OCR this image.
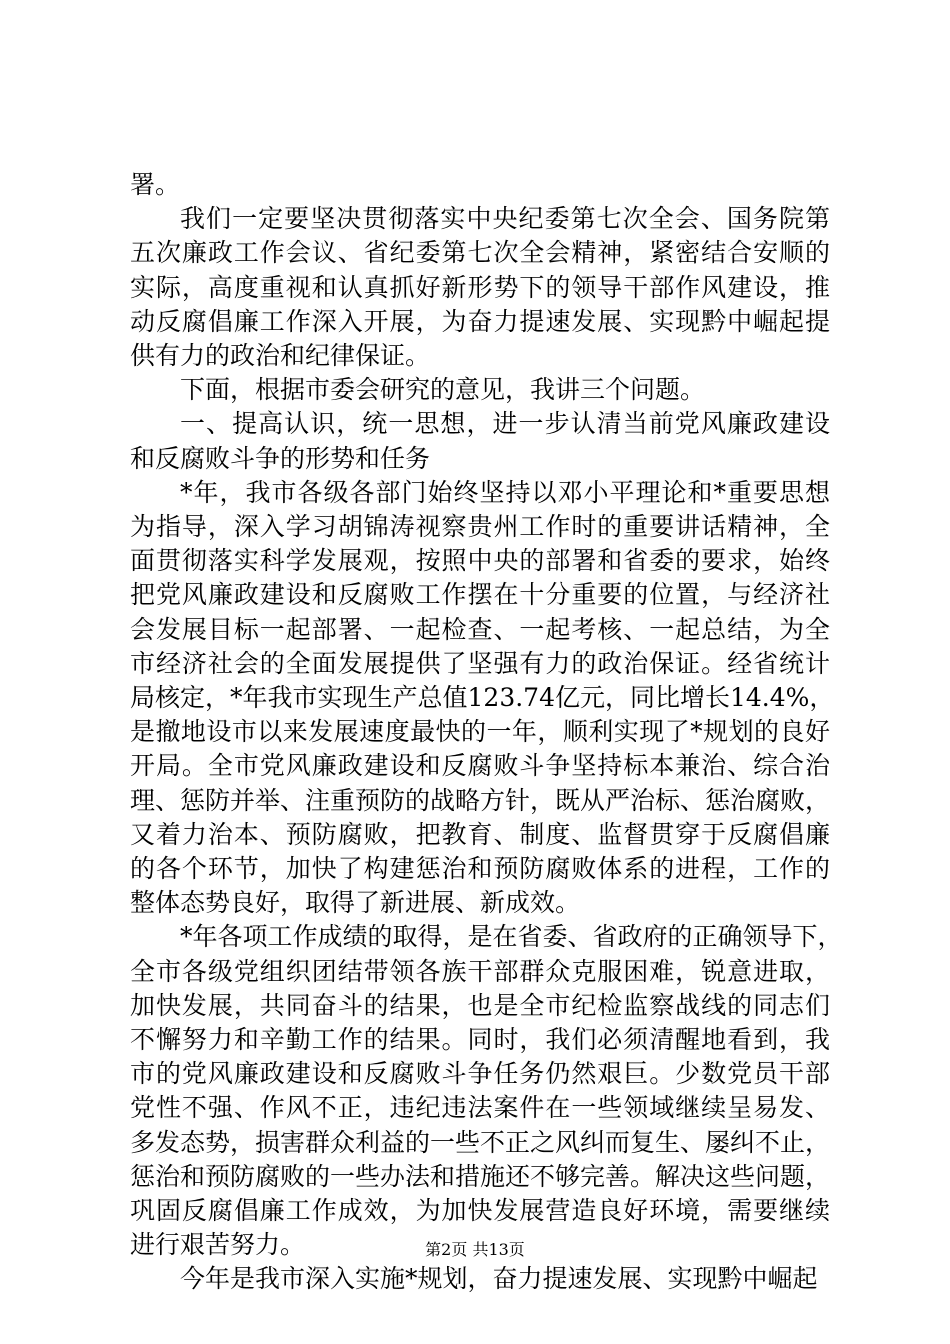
署。
我们一定要坚决贯彻落实中央纪委第七次全会、国务院第
五次廉政工作会议、省纪委第七次全会精神，紧密结合安顺的
实际，高度重视和认真抓好新形势下的领导干部作风建设，推
动反腐倡廉工作深入开展，为奋力提速发展、实现黔中崛起提
供有力的政治和纪律保证。
下面，根据市委会研究的意见，我讲三个问题。
一、提高认识，统一思想，进一步认清当前党风廉政建设
和反腐败斗争的形势和任务
*年，我市各级各部门始终坚持以邓小平理论和*重要思想
为指导，深入学习胡锦涛视察贵州工作时的重要讲话精神，全
面贯彻落实科学发展观，按照中央的部署和省委的要求，始终
把党风廉政建设和反腐败工作摆在十分重要的位置，与经济社
会发展目标一起部署、一起检查、一起考核、一起总结，为全
市经济社会的全面发展提供了坚强有力的政治保证。经省统计
局核定，*年我市实现生产总值123.74亿元，同比增长14.4%，
是撤地设市以来发展速度最快的一年，顺利实现了*规划的良好
开局。全市党风廉政建设和反腐败斗争坚持标本兼治、综合治
理、惩防并举、注重预防的战略方针，既从严治标、惩治腐败，
又着力治本、预防腐败，把教育、制度、监督贯穿于反腐倡廉
的各个环节，加快了构建惩治和预防腐败体系的进程，工作的
整体态势良好，取得了新进展、新成效。
*年各项工作成绩的取得，是在省委、省政府的正确领导下，
全市各级党组织团结带领各族干部群众克服困难，锐意进取，
加快发展，共同奋斗的结果，也是全市纪检监察战线的同志们
不懈努力和辛勤工作的结果。同时，我们必须清醒地看到，我
市的党风廉政建设和反腐败斗争任务仍然艰巨。少数党员干部
党性不强、作风不正，违纪违法案件在一些领域继续呈易发、
多发态势，损害群众利益的一些不正之风纠而复生、屡纠不止，
惩治和预防腐败的一些办法和措施还不够完善。解决这些问题，
巩固反腐倡廉工作成效，为加快发展营造良好环境，需要继续
进行艰苦努力。
今年是我市深入实施*规划，奋力提速发展、实现黔中崛起
第2页 共13页
